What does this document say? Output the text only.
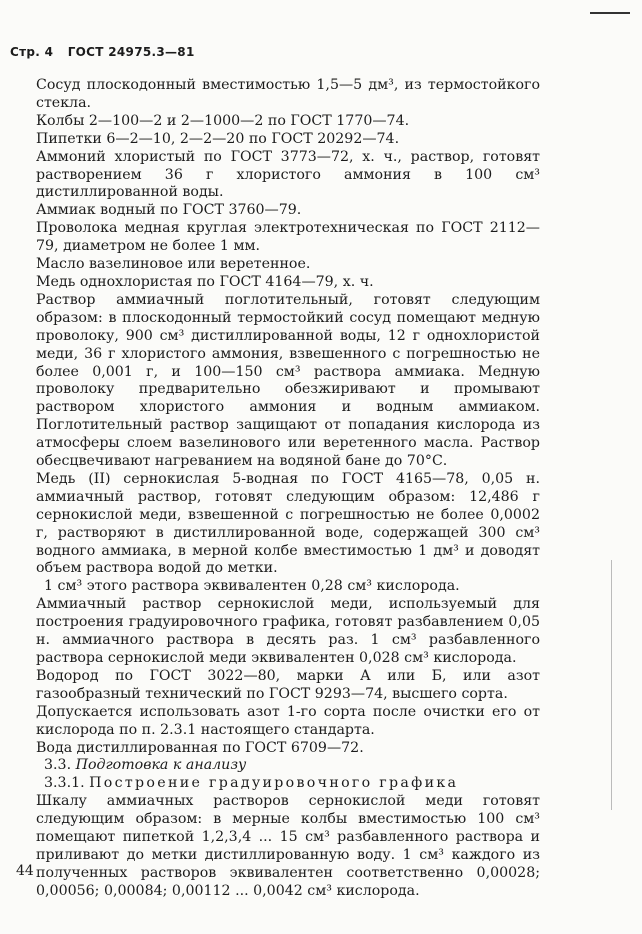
Стр. 4 ГОСТ 24975.3—81

Сосуд плоскодонный вместимостью 1,5—5 дм³, из термостойкого стекла.

Колбы 2—100—2 и 2—1000—2 по ГОСТ 1770—74.

Пипетки 6—2—10, 2—2—20 по ГОСТ 20292—74.

Аммоний хлористый по ГОСТ 3773—72, х. ч., раствор, готовят растворением 36 г хлористого аммония в 100 см³ дистиллированной воды.

Аммиак водный по ГОСТ 3760—79.

Проволока медная круглая электротехническая по ГОСТ 2112—79, диаметром не более 1 мм.

Масло вазелиновое или веретенное.

Медь однохлористая по ГОСТ 4164—79, х. ч.

Раствор аммиачный поглотительный, готовят следующим образом: в плоскодонный термостойкий сосуд помещают медную проволоку, 900 см³ дистиллированной воды, 12 г однохлористой меди, 36 г хлористого аммония, взвешенного с погрешностью не более 0,001 г, и 100—150 см³ раствора аммиака. Медную проволоку предварительно обезжиривают и промывают раствором хлористого аммония и водным аммиаком. Поглотительный раствор защищают от попадания кислорода из атмосферы слоем вазелинового или веретенного масла. Раствор обесцвечивают нагреванием на водяной бане до 70°С.

Медь (II) сернокислая 5-водная по ГОСТ 4165—78, 0,05 н. аммиачный раствор, готовят следующим образом: 12,486 г сернокислой меди, взвешенной с погрешностью не более 0,0002 г, растворяют в дистиллированной воде, содержащей 300 см³ водного аммиака, в мерной колбе вместимостью 1 дм³ и доводят объем раствора водой до метки.

1 см³ этого раствора эквивалентен 0,28 см³ кислорода.

Аммиачный раствор сернокислой меди, используемый для построения градуировочного графика, готовят разбавлением 0,05 н. аммиачного раствора в десять раз. 1 см³ разбавленного раствора сернокислой меди эквивалентен 0,028 см³ кислорода.

Водород по ГОСТ 3022—80, марки А или Б, или азот газообразный технический по ГОСТ 9293—74, высшего сорта.

Допускается использовать азот 1-го сорта после очистки его от кислорода по п. 2.3.1 настоящего стандарта.

Вода дистиллированная по ГОСТ 6709—72.

3.3. Подготовка к анализу

3.3.1. Построение градуировочного графика

Шкалу аммиачных растворов сернокислой меди готовят следующим образом: в мерные колбы вместимостью 100 см³ помещают пипеткой 1,2,3,4 ... 15 см³ разбавленного раствора и приливают до метки дистиллированную воду. 1 см³ каждого из полученных растворов эквивалентен соответственно 0,00028; 0,00056; 0,00084; 0,00112 ... 0,0042 см³ кислорода.

44
